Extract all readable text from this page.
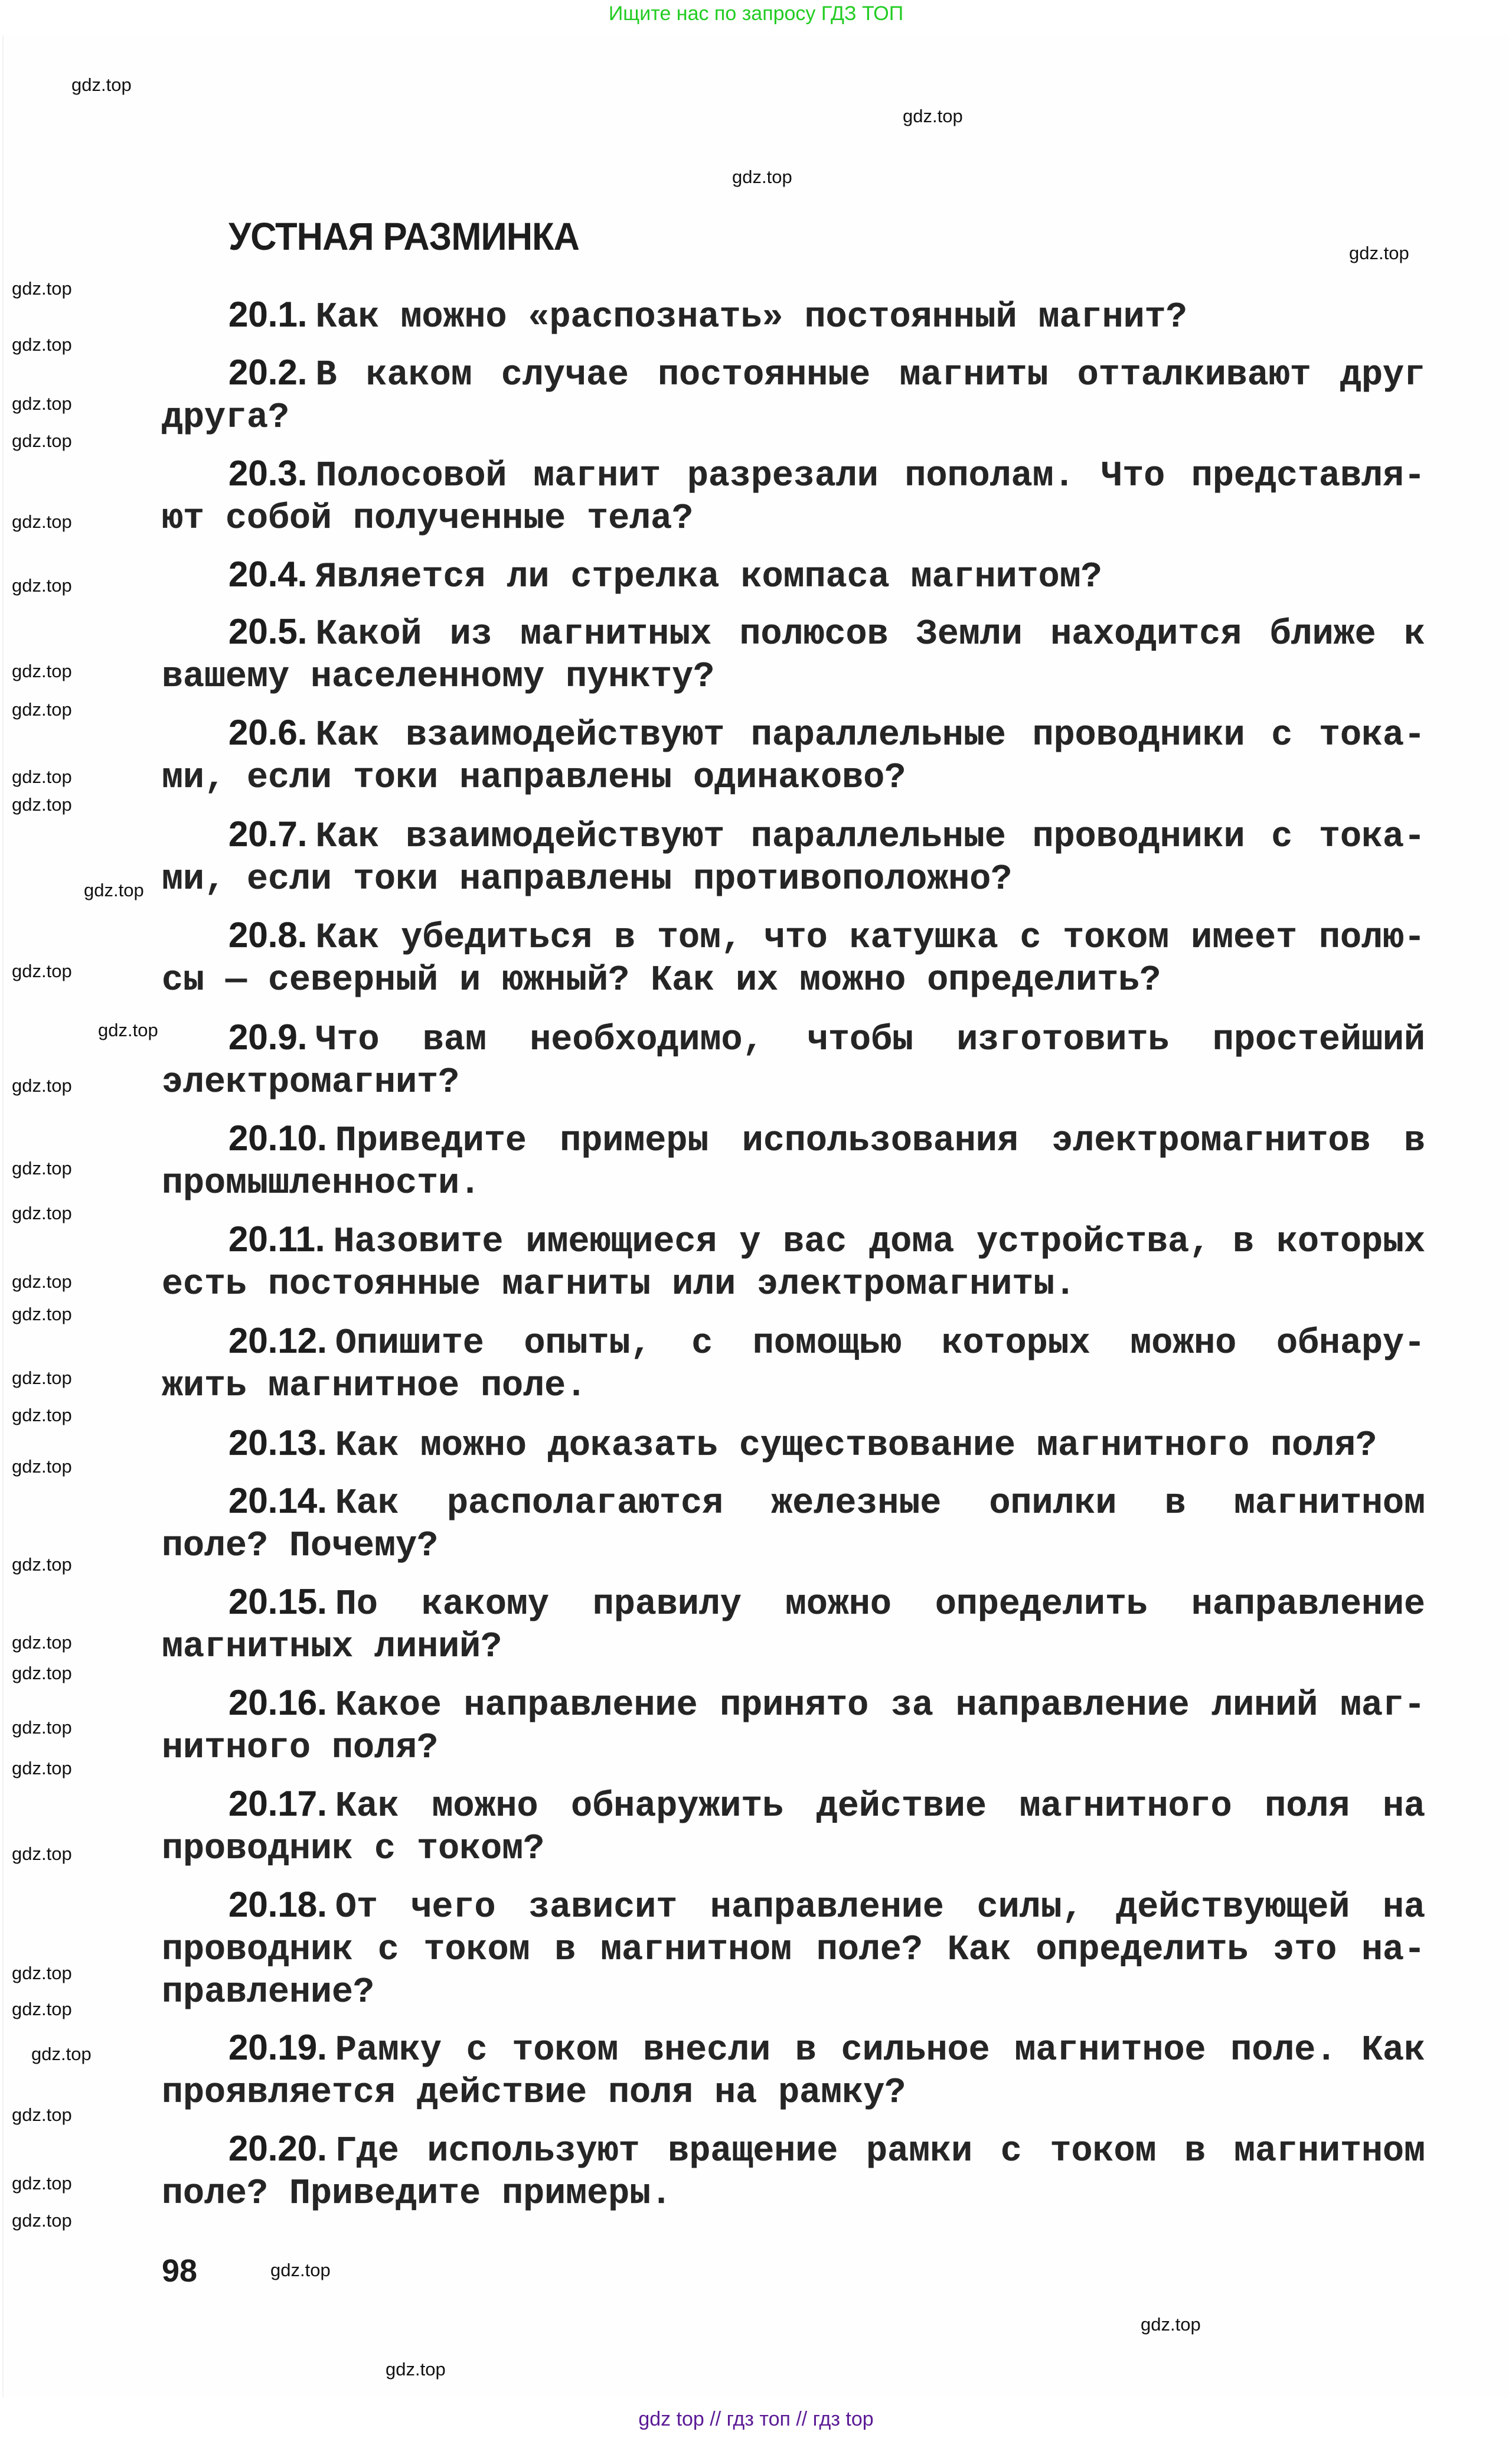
Ищите нас по запросу ГДЗ ТОП
УСТНАЯ РАЗМИНКА
20.1. Как можно «распознать» постоянный магнит?
20.2. В каком случае постоянные магниты отталкивают друг
друга?
20.3. Полосовой магнит разрезали пополам. Что представля-
ют собой полученные тела?
20.4. Является ли стрелка компаса магнитом?
20.5. Какой из магнитных полюсов Земли находится ближе к
вашему населенному пункту?
20.6. Как взаимодействуют параллельные проводники с тока-
ми, если токи направлены одинаково?
20.7. Как взаимодействуют параллельные проводники с тока-
ми, если токи направлены противоположно?
20.8. Как убедиться в том, что катушка с током имеет полю-
сы — северный и южный? Как их можно определить?
20.9. Что вам необходимо, чтобы изготовить простейший
электромагнит?
20.10. Приведите примеры использования электромагнитов в
промышленности.
20.11. Назовите имеющиеся у вас дома устройства, в которых
есть постоянные магниты или электромагниты.
20.12. Опишите опыты, с помощью которых можно обнару-
жить магнитное поле.
20.13. Как можно доказать существование магнитного поля?
20.14. Как располагаются железные опилки в магнитном
поле? Почему?
20.15. По какому правилу можно определить направление
магнитных линий?
20.16. Какое направление принято за направление линий маг-
нитного поля?
20.17. Как можно обнаружить действие магнитного поля на
проводник с током?
20.18. От чего зависит направление силы, действующей на
проводник с током в магнитном поле? Как определить это на-
правление?
20.19. Рамку с током внесли в сильное магнитное поле. Как
проявляется действие поля на рамку?
20.20. Где используют вращение рамки с током в магнитном
поле? Приведите примеры.
98
gdz.top
gdz.top
gdz.top
gdz.top
gdz.top
gdz.top
gdz.top
gdz.top
gdz.top
gdz.top
gdz.top
gdz.top
gdz.top
gdz.top
gdz.top
gdz.top
gdz.top
gdz.top
gdz.top
gdz.top
gdz.top
gdz.top
gdz.top
gdz.top
gdz.top
gdz.top
gdz.top
gdz.top
gdz.top
gdz.top
gdz.top
gdz.top
gdz.top
gdz.top
gdz.top
gdz.top
gdz.top
gdz.top
gdz.top
gdz.top
gdz top // гдз топ // гдз top
